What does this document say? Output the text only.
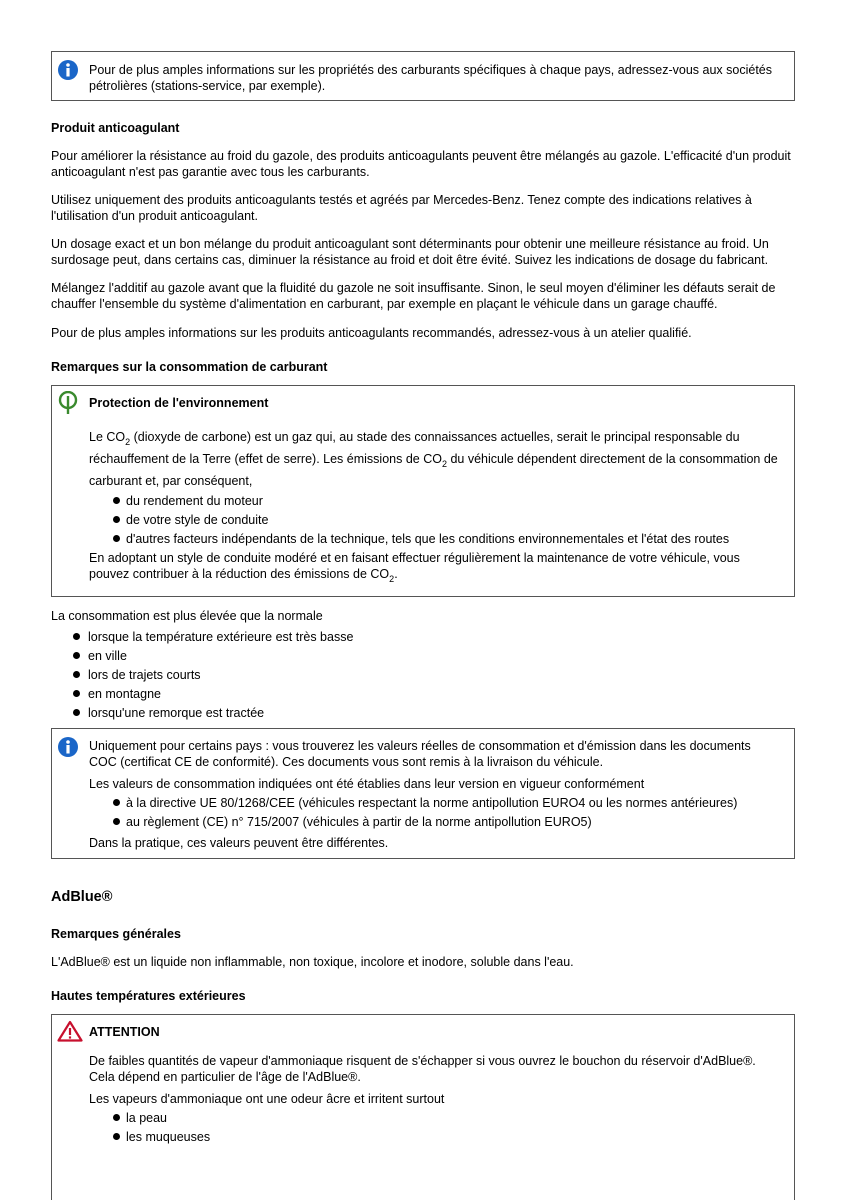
Pour de plus amples informations sur les propriétés des carburants spécifiques à chaque pays, adressez-vous aux sociétés pétrolières (stations-service, par exemple).

Produit anticoagulant

Pour améliorer la résistance au froid du gazole, des produits anticoagulants peuvent être mélangés au gazole. L'efficacité d'un produit anticoagulant n'est pas garantie avec tous les carburants.

Utilisez uniquement des produits anticoagulants testés et agréés par Mercedes-Benz. Tenez compte des indications relatives à l'utilisation d'un produit anticoagulant.

Un dosage exact et un bon mélange du produit anticoagulant sont déterminants pour obtenir une meilleure résistance au froid. Un surdosage peut, dans certains cas, diminuer la résistance au froid et doit être évité. Suivez les indications de dosage du fabricant.

Mélangez l'additif au gazole avant que la fluidité du gazole ne soit insuffisante. Sinon, le seul moyen d'éliminer les défauts serait de chauffer l'ensemble du système d'alimentation en carburant, par exemple en plaçant le véhicule dans un garage chauffé.

Pour de plus amples informations sur les produits anticoagulants recommandés, adressez-vous à un atelier qualifié.

Remarques sur la consommation de carburant

Protection de l'environnement

Le $CO_2$ (dioxyde de carbone) est un gaz qui, au stade des connaissances actuelles, serait le principal responsable du réchauffement de la Terre (effet de serre). Les émissions de $CO_2$ du véhicule dépendent directement de la consommation de carburant et, par conséquent,

du rendement du moteur
de votre style de conduite
d'autres facteurs indépendants de la technique, tels que les conditions environnementales et l'état des routes

En adoptant un style de conduite modéré et en faisant effectuer régulièrement la maintenance de votre véhicule, vous pouvez contribuer à la réduction des émissions de $CO_2$.

La consommation est plus élevée que la normale

lorsque la température extérieure est très basse
en ville
lors de trajets courts
en montagne
lorsqu'une remorque est tractée

Uniquement pour certains pays : vous trouverez les valeurs réelles de consommation et d'émission dans les documents COC (certificat CE de conformité). Ces documents vous sont remis à la livraison du véhicule.

Les valeurs de consommation indiquées ont été établies dans leur version en vigueur conformément

à la directive UE 80/1268/CEE (véhicules respectant la norme antipollution EURO4 ou les normes antérieures)
au règlement (CE) n° 715/2007 (véhicules à partir de la norme antipollution EURO5)

Dans la pratique, ces valeurs peuvent être différentes.

AdBlue®
Remarques générales

L'AdBlue® est un liquide non inflammable, non toxique, incolore et inodore, soluble dans l'eau.

Hautes températures extérieures

ATTENTION

De faibles quantités de vapeur d'ammoniaque risquent de s'échapper si vous ouvrez le bouchon du réservoir d'AdBlue®. Cela dépend en particulier de l'âge de l'AdBlue®.

Les vapeurs d'ammoniaque ont une odeur âcre et irritent surtout

la peau
les muqueuses
